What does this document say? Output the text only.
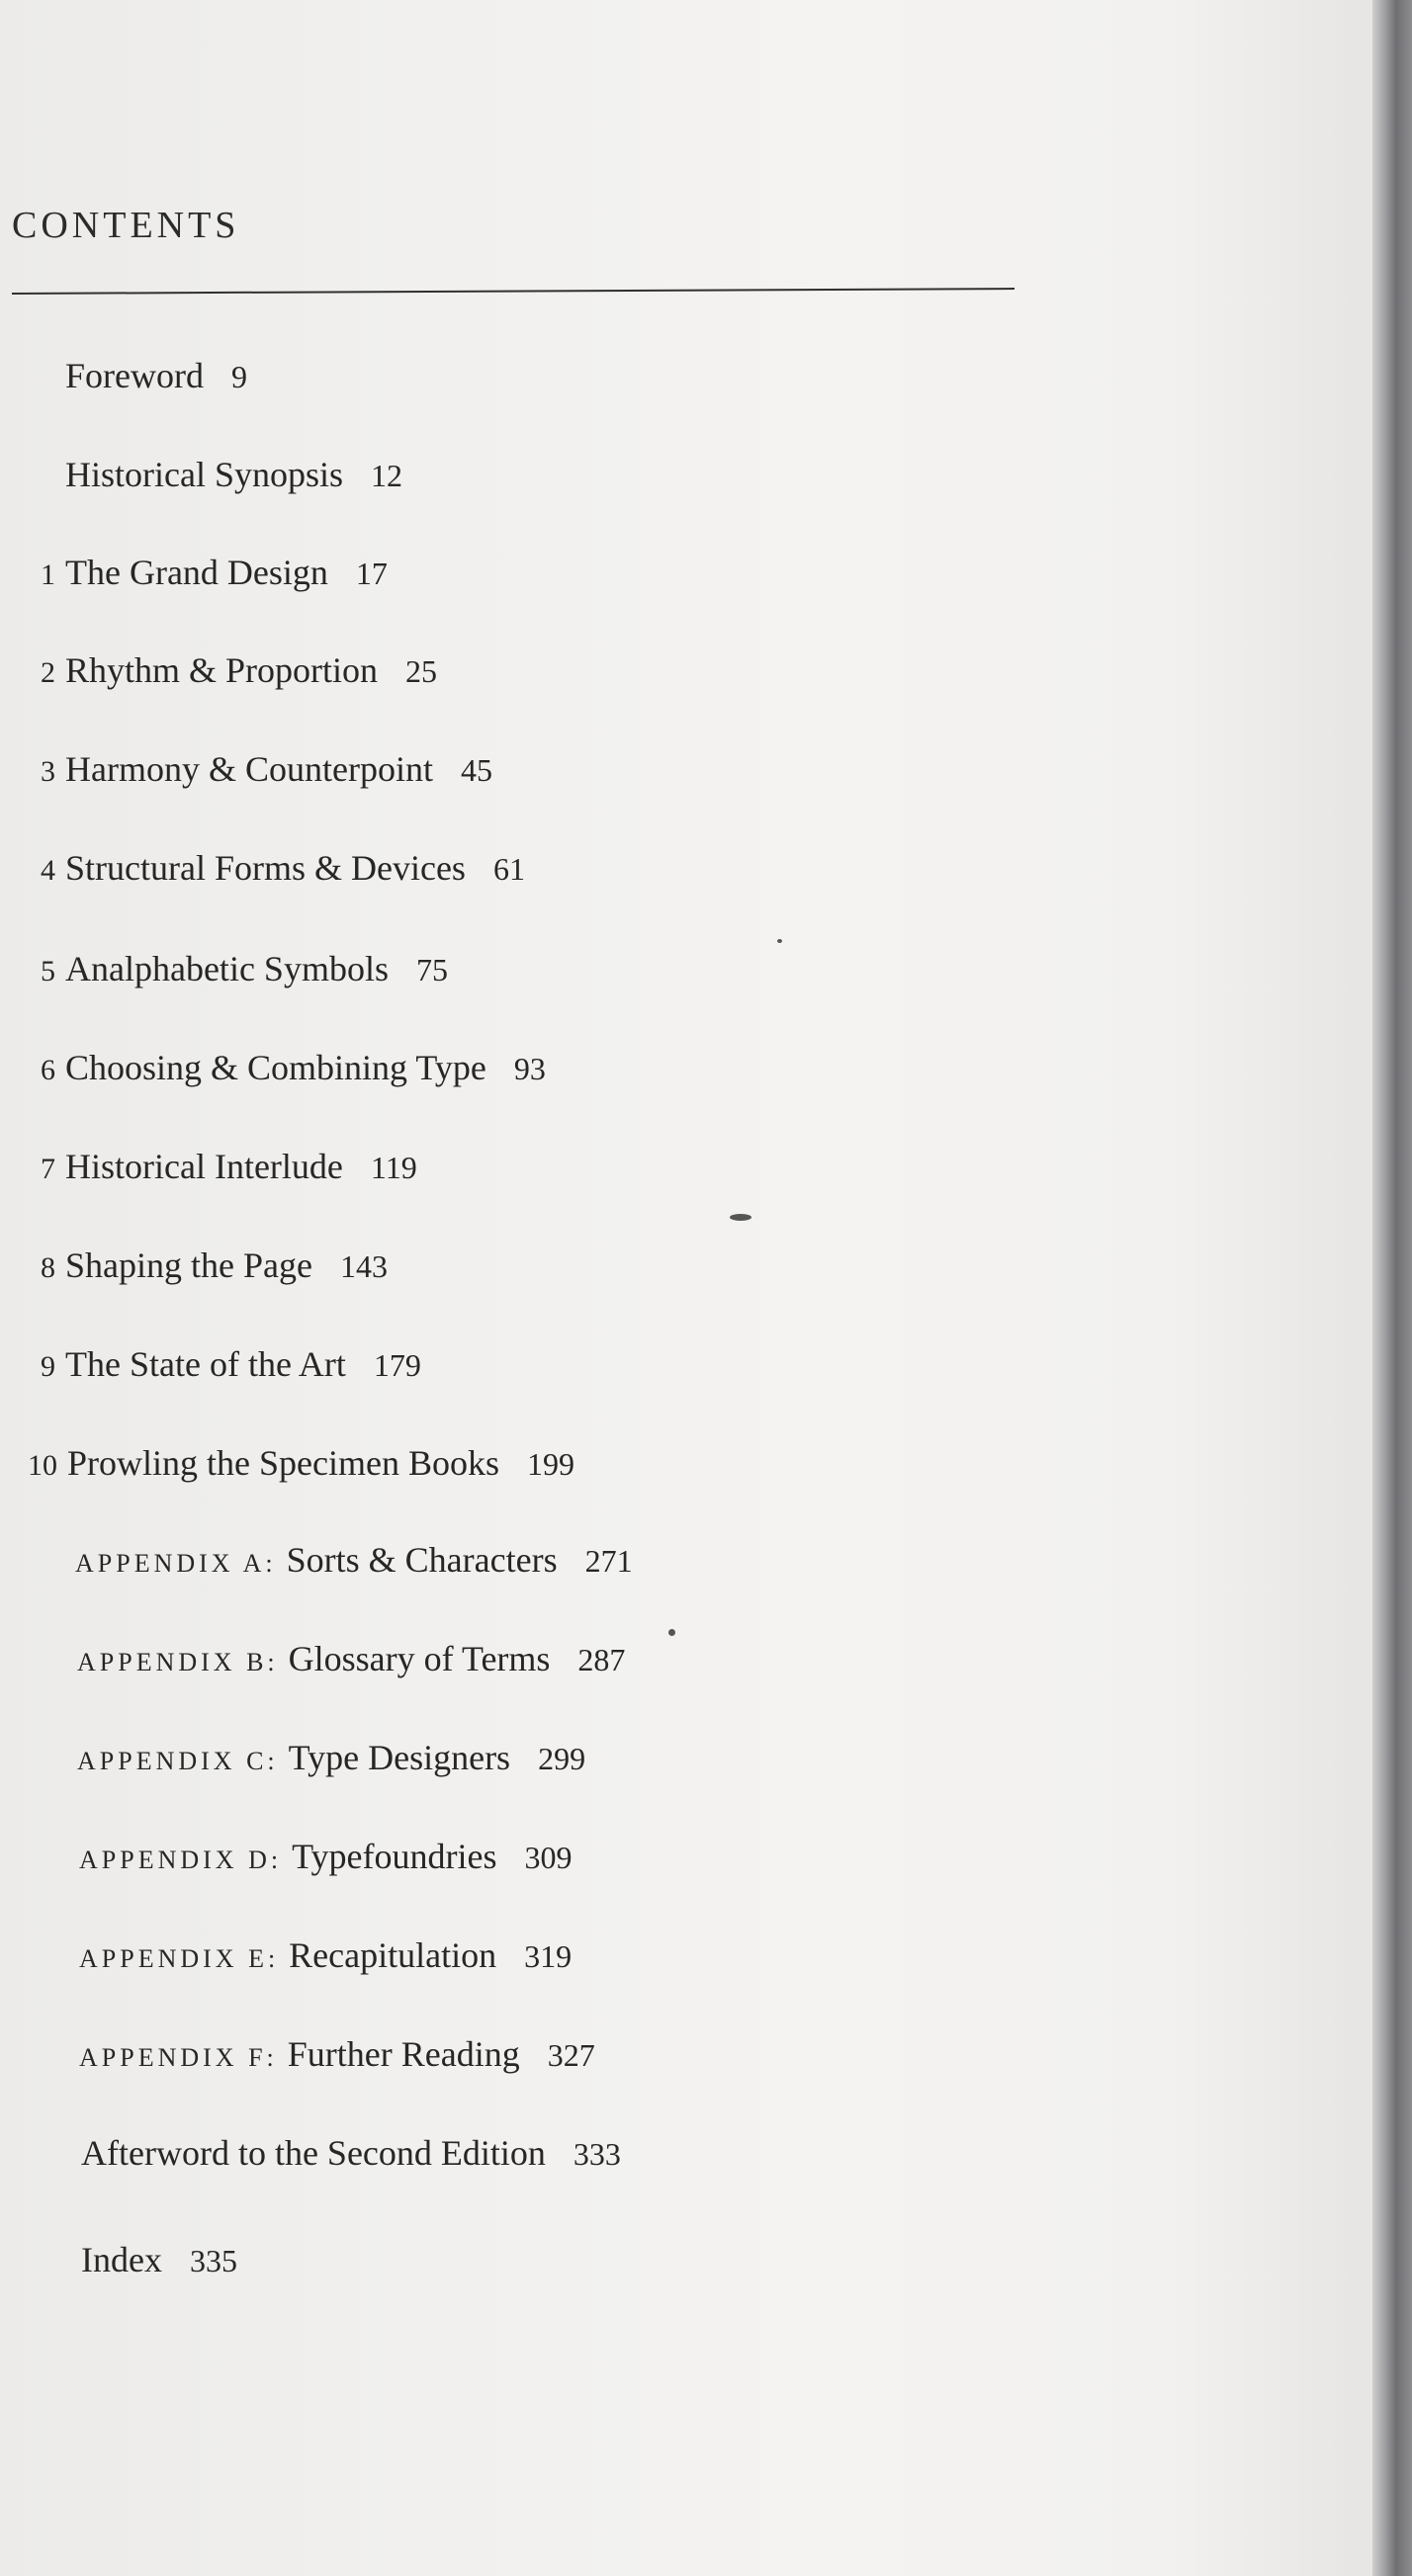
CONTENTS
Foreword 9
Historical Synopsis 12
1 The Grand Design 17
2 Rhythm & Proportion 25
3 Harmony & Counterpoint 45
4 Structural Forms & Devices 61
5 Analphabetic Symbols 75
6 Choosing & Combining Type 93
7 Historical Interlude 119
8 Shaping the Page 143
9 The State of the Art 179
10 Prowling the Specimen Books 199
APPENDIX A: Sorts & Characters 271
APPENDIX B: Glossary of Terms 287
APPENDIX C: Type Designers 299
APPENDIX D: Typefoundries 309
APPENDIX E: Recapitulation 319
APPENDIX F: Further Reading 327
Afterword to the Second Edition 333
Index 335
